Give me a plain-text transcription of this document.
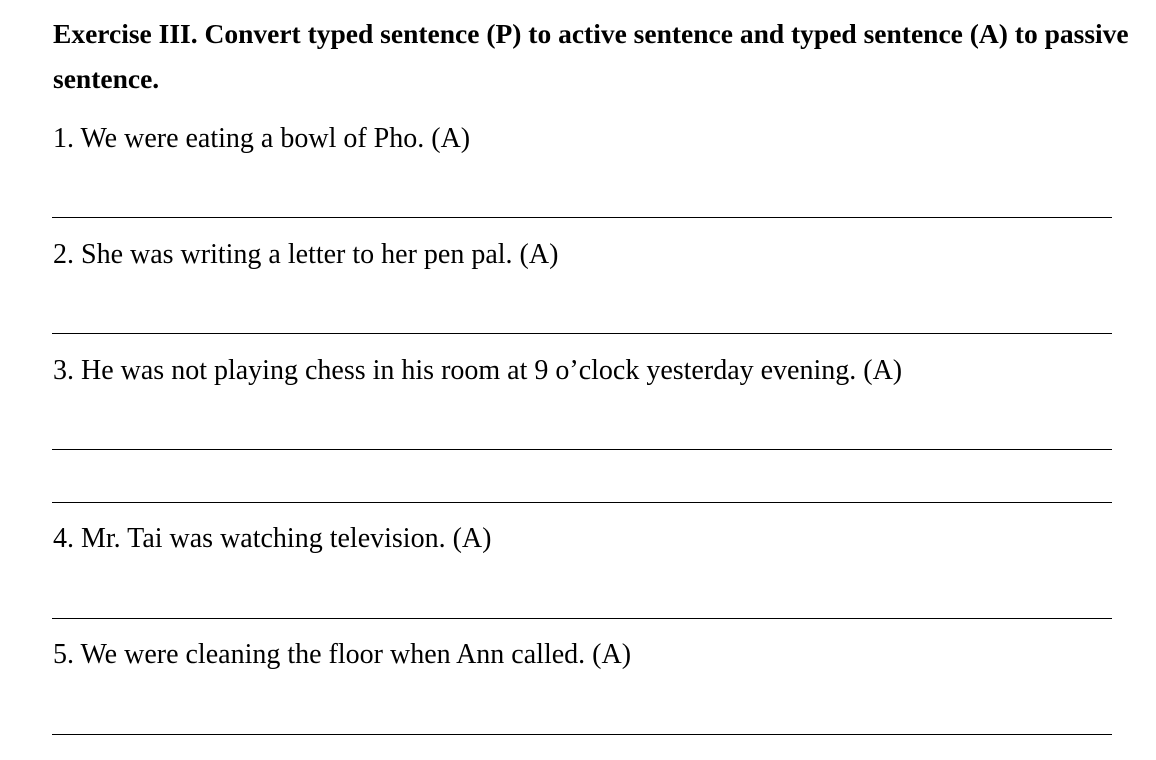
Exercise III. Convert typed sentence (P) to active sentence and typed sentence (A) to passive sentence.

1. We were eating a bowl of Pho. (A)

2. She was writing a letter to her pen pal. (A)

3. He was not playing chess in his room at 9 o’clock yesterday evening. (A)

4. Mr. Tai was watching television. (A)

5. We were cleaning the floor when Ann called. (A)
